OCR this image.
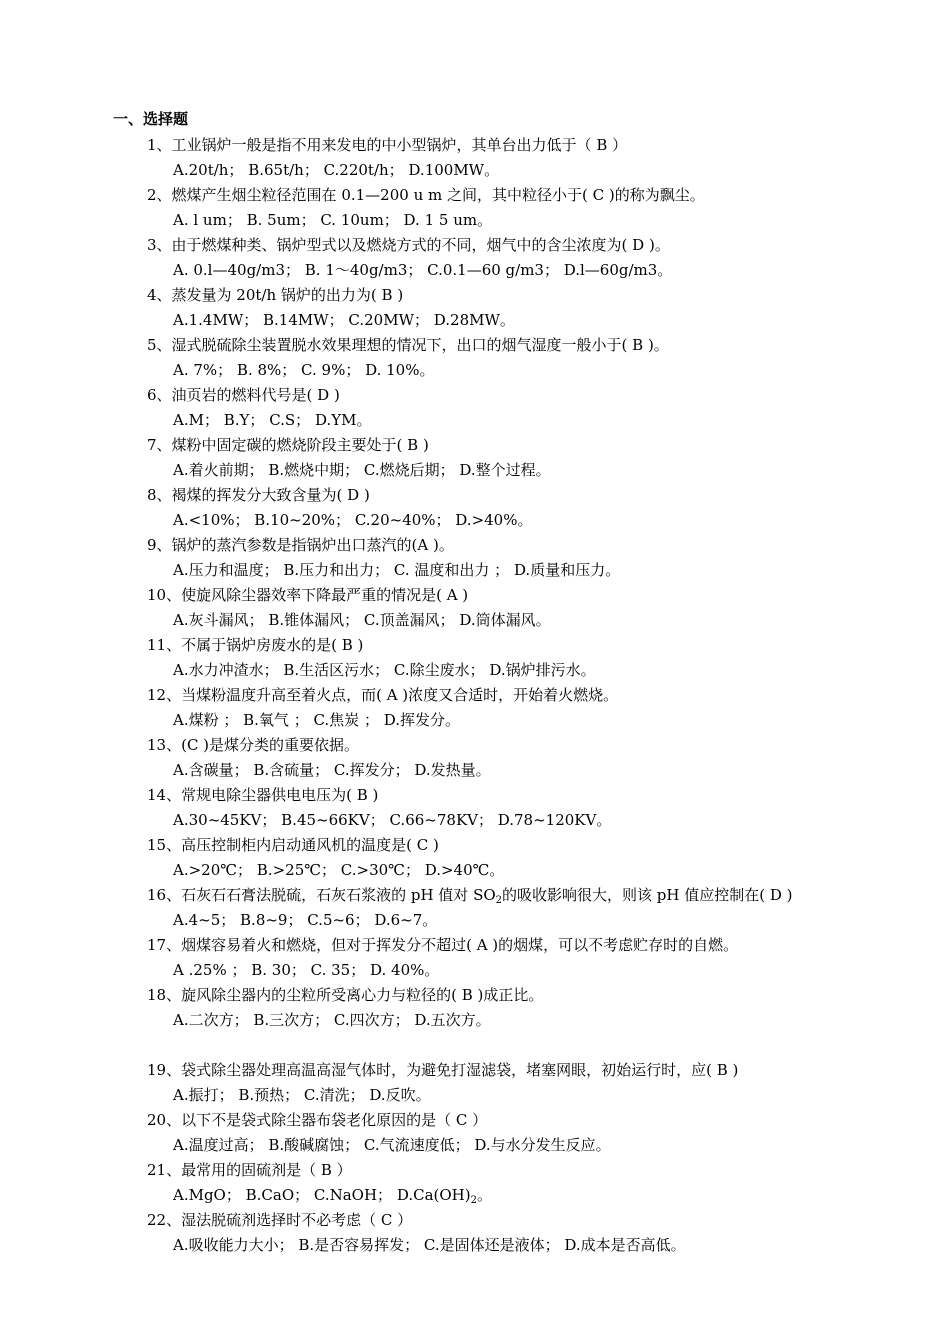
一、选择题
1、工业锅炉一般是指不用来发电的中小型锅炉，其单台出力低于（ B ）
A.20t/h； B.65t/h； C.220t/h； D.100MW。
2、燃煤产生烟尘粒径范围在 0.1—200 u m 之间，其中粒径小于( C )的称为飘尘。
A. l um； B. 5um； C. 10um； D. 1 5 um。
3、由于燃煤种类、锅炉型式以及燃烧方式的不同，烟气中的含尘浓度为( D )。
A. 0.l—40g/m3； B. 1～40g/m3； C.0.1—60 g/m3； D.l—60g/m3。
4、蒸发量为 20t/h 锅炉的出力为( B )
A.1.4MW； B.14MW； C.20MW； D.28MW。
5、湿式脱硫除尘装置脱水效果理想的情况下，出口的烟气湿度一般小于( B )。
A. 7%； B. 8%； C. 9%； D. 10%。
6、油页岩的燃料代号是( D )
A.M； B.Y； C.S； D.YM。
7、煤粉中固定碳的燃烧阶段主要处于( B )
A.着火前期； B.燃烧中期； C.燃烧后期； D.整个过程。
8、褐煤的挥发分大致含量为( D )
A.<10%； B.10~20%； C.20~40%； D.>40%。
9、锅炉的蒸汽参数是指锅炉出口蒸汽的(A )。
A.压力和温度； B.压力和出力； C. 温度和出力 ； D.质量和压力。
10、使旋风除尘器效率下降最严重的情况是( A )
A.灰斗漏风； B.锥体漏风； C.顶盖漏风； D.筒体漏风。
11、不属于锅炉房废水的是( B )
A.水力冲渣水； B.生活区污水； C.除尘废水； D.锅炉排污水。
12、当煤粉温度升高至着火点，而( A )浓度又合适时，开始着火燃烧。
A.煤粉 ； B.氧气 ； C.焦炭 ； D.挥发分。
13、(C )是煤分类的重要依据。
A.含碳量； B.含硫量； C.挥发分； D.发热量。
14、常规电除尘器供电电压为( B )
A.30~45KV； B.45~66KV； C.66~78KV； D.78~120KV。
15、高压控制柜内启动通风机的温度是( C )
A.>20℃； B.>25℃； C.>30℃； D.>40℃。
16、石灰石石膏法脱硫，石灰石浆液的 pH 值对 $SO_2$的吸收影响很大，则该 pH 值应控制在( D )
A.4~5； B.8~9； C.5~6； D.6~7。
17、烟煤容易着火和燃烧，但对于挥发分不超过( A )的烟煤，可以不考虑贮存时的自燃。
A .25% ； B. 30； C. 35； D. 40%。
18、旋风除尘器内的尘粒所受离心力与粒径的( B )成正比。
A.二次方； B.三次方； C.四次方； D.五次方。
19、袋式除尘器处理高温高湿气体时，为避免打湿滤袋，堵塞网眼，初始运行时，应( B )
A.振打； B.预热； C.清洗； D.反吹。
20、以下不是袋式除尘器布袋老化原因的是（ C ）
A.温度过高； B.酸碱腐蚀； C.气流速度低； D.与水分发生反应。
21、最常用的固硫剂是（ B ）
A.MgO； B.CaO； C.NaOH； $D.Ca(OH)_2$。
22、湿法脱硫剂选择时不必考虑（ C ）
A.吸收能力大小； B.是否容易挥发； C.是固体还是液体； D.成本是否高低。
